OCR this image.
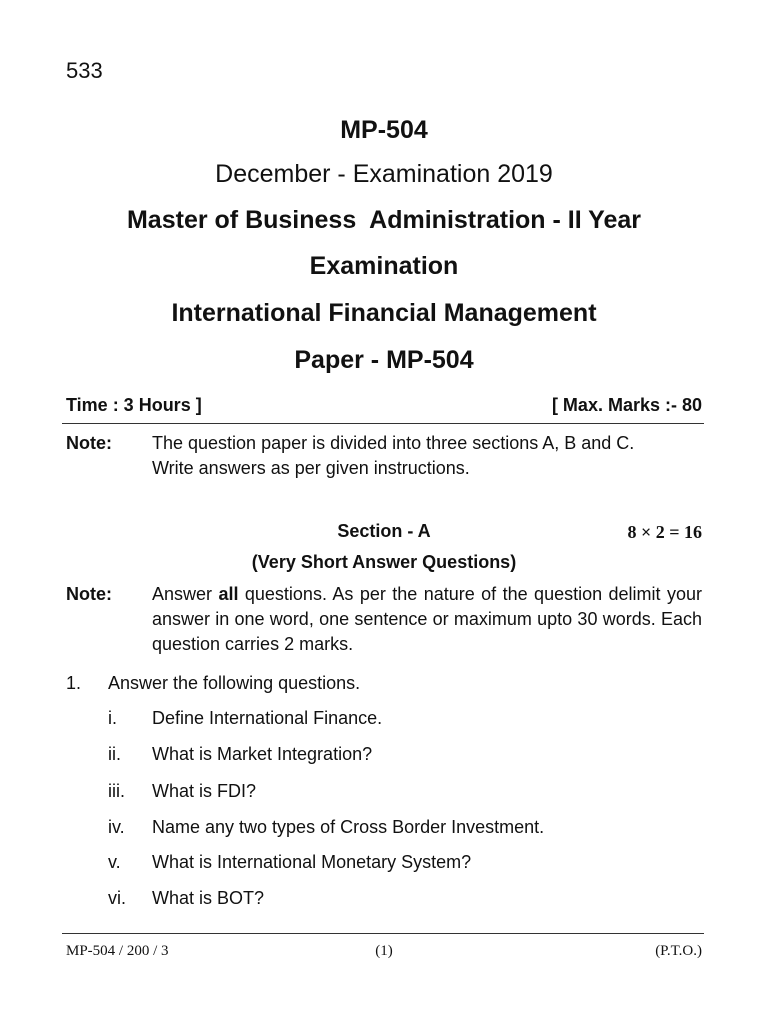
533
MP-504
December - Examination 2019
Master of Business  Administration - II Year
Examination
International Financial Management
Paper - MP-504
Time : 3 Hours ]	[ Max. Marks :- 80
Note: The question paper is divided into three sections A, B and C.
Write answers as per given instructions.
Section - A	8 × 2 = 16
(Very Short Answer Questions)
Note: Answer all questions. As per the nature of the question delimit your answer in one word, one sentence or maximum upto 30 words. Each question carries 2 marks.
1. Answer the following questions.
i. Define International Finance.
ii. What is Market Integration?
iii. What is FDI?
iv. Name any two types of Cross Border Investment.
v. What is International Monetary System?
vi. What is BOT?
MP-504 / 200 / 3	(1)	(P.T.O.)
